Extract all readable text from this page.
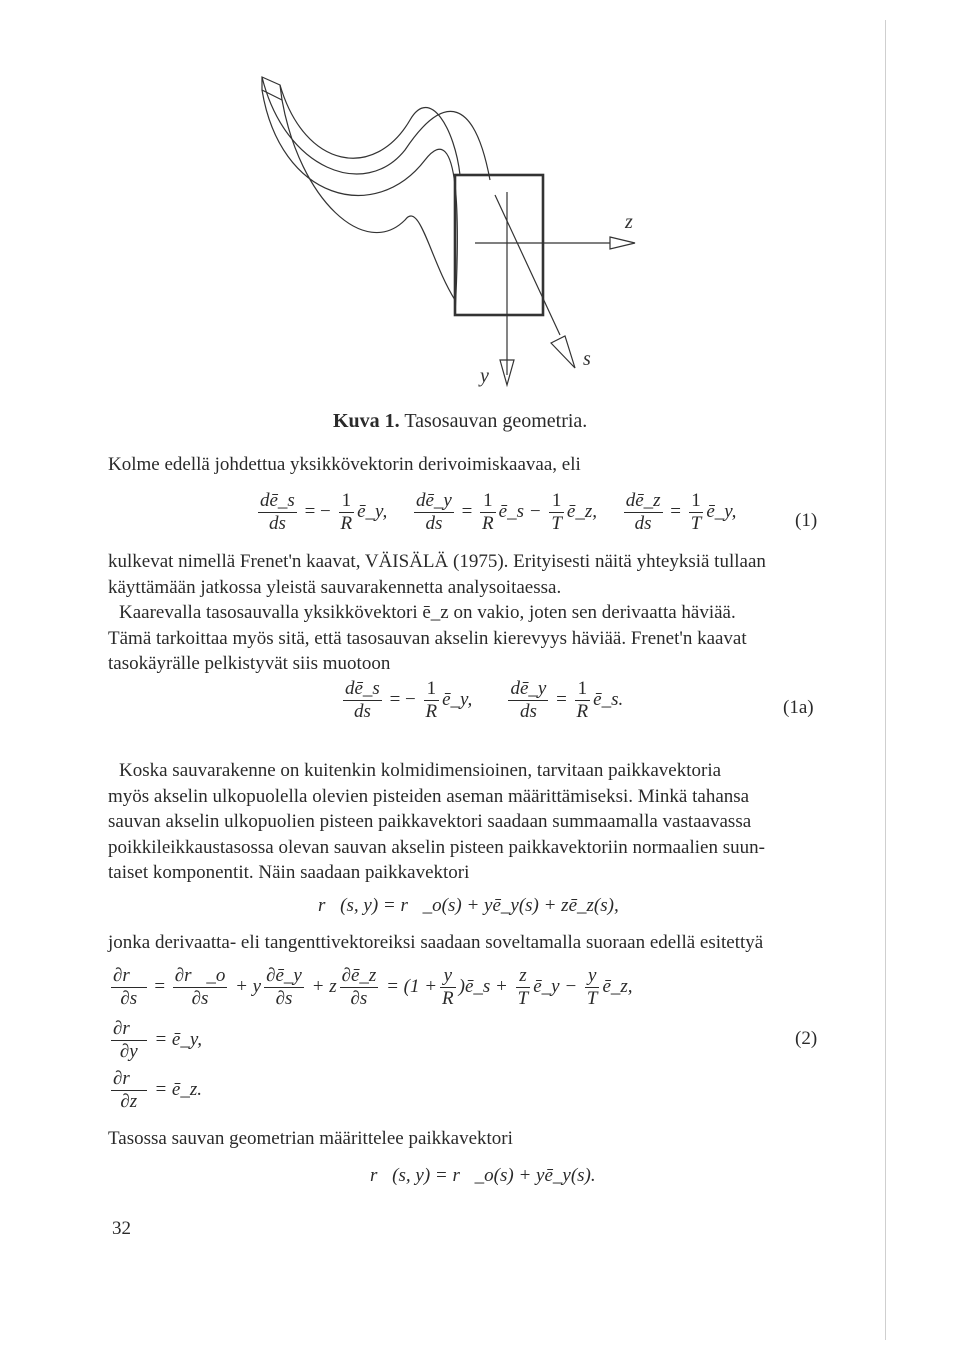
z
y
s
Kuva 1. Tasosauvan geometria.
Kolme edellä johdettua yksikkövektorin derivoimiskaavaa, eli
$\frac{dē\_s}{ds}$ = − $\frac{1}{R}$ ē_y, $\frac{dē\_y}{ds} = \frac{1}{R}$ ē_s − $\frac{1}{T}$ ē_z, $\frac{dē\_z}{ds} = \frac{1}{T}$ ē_y,	(1)
kulkevat nimellä Frenet'n kaavat, VÄISÄLÄ (1975). Erityisesti näitä yhteyksiä tullaan
käyttämään jatkossa yleistä sauvarakennetta analysoitaessa.
Kaarevalla tasosauvalla yksikkövektori ē_z on vakio, joten sen derivaatta häviää.
Tämä tarkoittaa myös sitä, että tasosauvan akselin kierevyys häviää. Frenet'n kaavat
tasokäyrälle pelkistyvät siis muotoon
$\frac{dē\_s}{ds}$ = − $\frac{1}{R}$ ē_y, $\frac{dē\_y}{ds} = \frac{1}{R}$ ē_s.	(1a)
Koska sauvarakenne on kuitenkin kolmidimensioinen, tarvitaan paikkavektoria
myös akselin ulkopuolella olevien pisteiden aseman määrittämiseksi. Minkä tahansa
sauvan akselin ulkopuolien pisteen paikkavektori saadaan summaamalla vastaavassa
poikkileikkaustasossa olevan sauvan akselin pisteen paikkavektoriin normaalien suun-
taiset komponentit. Näin saadaan paikkavektori
r⃗(s, y) = r⃗_o(s) + yē_y(s) + zē_z(s),
jonka derivaatta- eli tangenttivektoreiksi saadaan soveltamalla suoraan edellä esitettyä
$\frac{\partial r⃗}{\partial s} = \frac{\partial r⃗\_o}{\partial s} + y \frac{\partial ē\_y}{\partial s} + z \frac{\partial ē\_z}{\partial s} = (1 + \frac{y}{R}$ )ē_s + $\frac{z}{T}$ ē_y − $\frac{y}{T}$ ē_z,
$\frac{\partial r⃗}{\partial y}$ = ē_y,	(2)
$\frac{\partial r⃗}{\partial z}$ = ē_z.
Tasossa sauvan geometrian määrittelee paikkavektori
r⃗(s, y) = r⃗_o(s) + yē_y(s).
32
